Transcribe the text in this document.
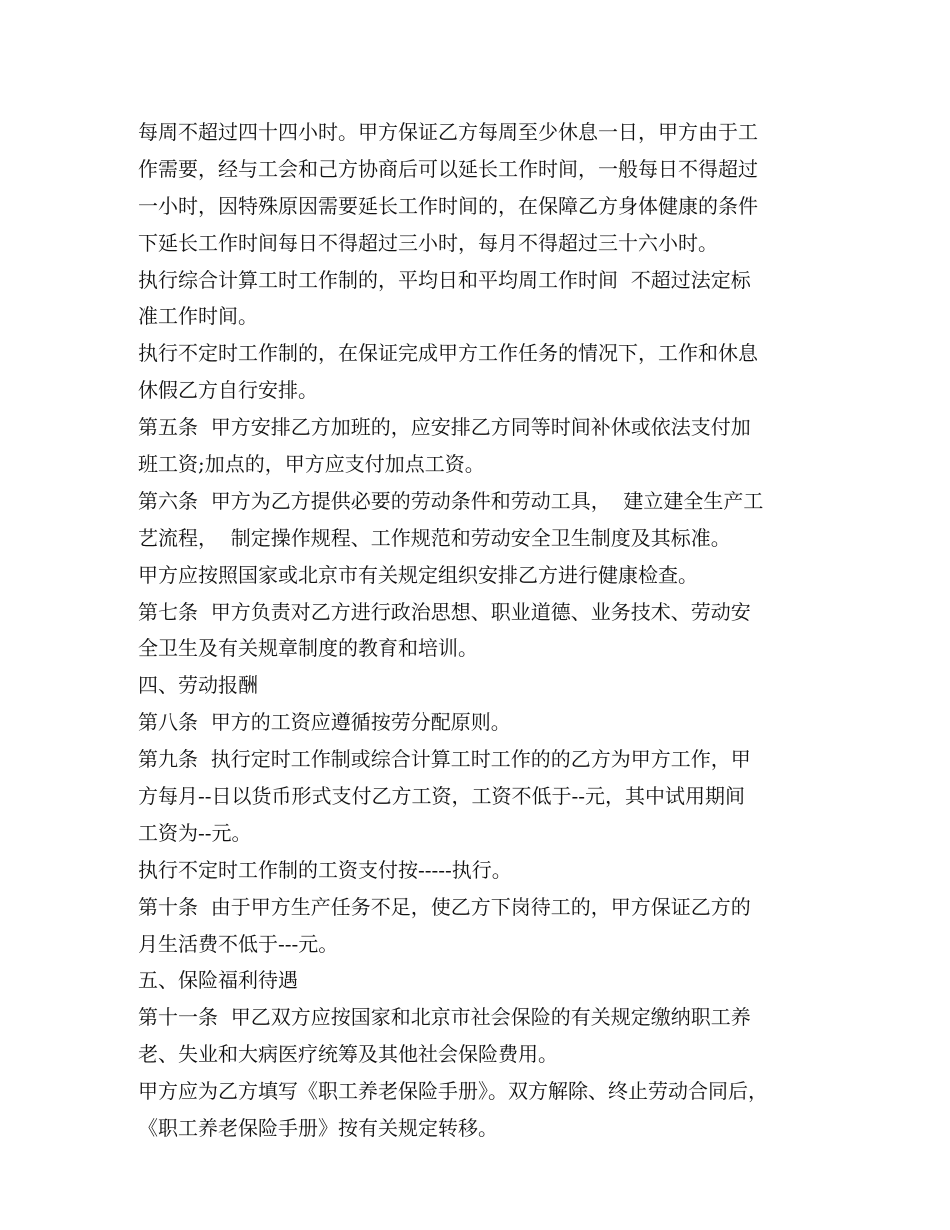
每周不超过四十四小时。甲方保证乙方每周至少休息一日，甲方由于工
作需要，经与工会和己方协商后可以延长工作时间，一般每日不得超过
一小时，因特殊原因需要延长工作时间的，在保障乙方身体健康的条件
下延长工作时间每日不得超过三小时，每月不得超过三十六小时。
执行综合计算工时工作制的，平均日和平均周工作时间  不超过法定标
准工作时间。
执行不定时工作制的，在保证完成甲方工作任务的情况下，工作和休息
休假乙方自行安排。
第五条  甲方安排乙方加班的，应安排乙方同等时间补休或依法支付加
班工资;加点的，甲方应支付加点工资。
第六条  甲方为乙方提供必要的劳动条件和劳动工具，  建立建全生产工
艺流程，  制定操作规程、工作规范和劳动安全卫生制度及其标准。
甲方应按照国家或北京市有关规定组织安排乙方进行健康检查。
第七条  甲方负责对乙方进行政治思想、职业道德、业务技术、劳动安
全卫生及有关规章制度的教育和培训。
四、劳动报酬
第八条  甲方的工资应遵循按劳分配原则。
第九条  执行定时工作制或综合计算工时工作的的乙方为甲方工作，甲
方每月--日以货币形式支付乙方工资，工资不低于--元，其中试用期间
工资为--元。
执行不定时工作制的工资支付按-----执行。
第十条  由于甲方生产任务不足，使乙方下岗待工的，甲方保证乙方的
月生活费不低于---元。
五、保险福利待遇
第十一条  甲乙双方应按国家和北京市社会保险的有关规定缴纳职工养
老、失业和大病医疗统筹及其他社会保险费用。
甲方应为乙方填写《职工养老保险手册》。双方解除、终止劳动合同后，
《职工养老保险手册》按有关规定转移。
